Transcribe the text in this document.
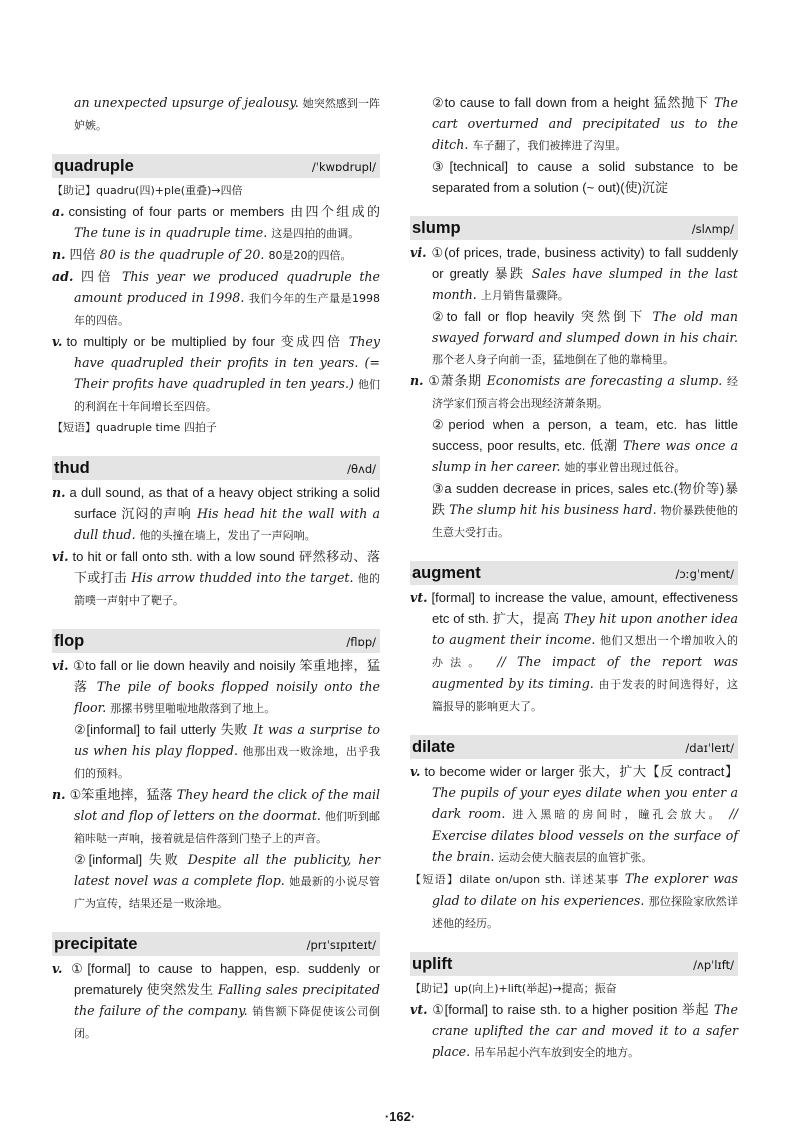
an unexpected upsurge of jealousy. 她突然感到一阵妒嫉。

quadruple	/ˈkwɒdrupl/

【助记】quadru(四)+ple(重叠)→四倍

a. consisting of four parts or members 由四个组成的 The tune is in quadruple time. 这是四拍的曲调。

n. 四倍 80 is the quadruple of 20. 80是20的四倍。

ad. 四倍 This year we produced quadruple the amount produced in 1998. 我们今年的生产量是1998年的四倍。

v. to multiply or be multiplied by four 变成四倍 They have quadrupled their profits in ten years. (= Their profits have quadrupled in ten years.) 他们的利润在十年间增长至四倍。

【短语】quadruple time 四拍子

thud	/θʌd/

n. a dull sound, as that of a heavy object striking a solid surface 沉闷的声响 His head hit the wall with a dull thud. 他的头撞在墙上，发出了一声闷响。

vi. to hit or fall onto sth. with a low sound 砰然移动、落下或打击 His arrow thudded into the target. 他的箭噗一声射中了靶子。

flop	/flɒp/

vi. ①to fall or lie down heavily and noisily 笨重地摔，猛落 The pile of books flopped noisily onto the floor. 那摞书劈里啪啦地散落到了地上。

②[informal] to fail utterly 失败 It was a surprise to us when his play flopped. 他那出戏一败涂地，出乎我们的预料。

n. ①笨重地摔，猛落 They heard the click of the mail slot and flop of letters on the doormat. 他们听到邮箱咔哒一声响，接着就是信件落到门垫子上的声音。

②[informal] 失败 Despite all the publicity, her latest novel was a complete flop. 她最新的小说尽管广为宣传，结果还是一败涂地。

precipitate	/prɪˈsɪpɪteɪt/

v. ①[formal] to cause to happen, esp. suddenly or prematurely 使突然发生 Falling sales precipitated the failure of the company. 销售额下降促使该公司倒闭。

②to cause to fall down from a height 猛然抛下 The cart overturned and precipitated us to the ditch. 车子翻了，我们被摔进了沟里。

③[technical] to cause a solid substance to be separated from a solution (~ out)(使)沉淀

slump	/slʌmp/

vi. ①(of prices, trade, business activity) to fall suddenly or greatly 暴跌 Sales have slumped in the last month. 上月销售量骤降。

②to fall or flop heavily 突然倒下 The old man swayed forward and slumped down in his chair. 那个老人身子向前一歪，猛地倒在了他的靠椅里。

n. ①萧条期 Economists are forecasting a slump. 经济学家们预言将会出现经济萧条期。

②period when a person, a team, etc. has little success, poor results, etc. 低潮 There was once a slump in her career. 她的事业曾出现过低谷。

③a sudden decrease in prices, sales etc.(物价等)暴跌 The slump hit his business hard. 物价暴跌使他的生意大受打击。

augment	/ɔːgˈment/

vt. [formal] to increase the value, amount, effectiveness etc of sth. 扩大，提高 They hit upon another idea to augment their income. 他们又想出一个增加收入的办法。 // The impact of the report was augmented by its timing. 由于发表的时间选得好，这篇报导的影响更大了。

dilate	/daɪˈleɪt/

v. to become wider or larger 张大，扩大【反 contract】 The pupils of your eyes dilate when you enter a dark room. 进入黑暗的房间时，瞳孔会放大。 // Exercise dilates blood vessels on the surface of the brain. 运动会使大脑表层的血管扩张。

【短语】dilate on/upon sth. 详述某事 The explorer was glad to dilate on his experiences. 那位探险家欣然详述他的经历。

uplift	/ʌpˈlɪft/

【助记】up(向上)+lift(举起)→提高；振奋

vt. ①[formal] to raise sth. to a higher position 举起 The crane uplifted the car and moved it to a safer place. 吊车吊起小汽车放到安全的地方。

·162·
